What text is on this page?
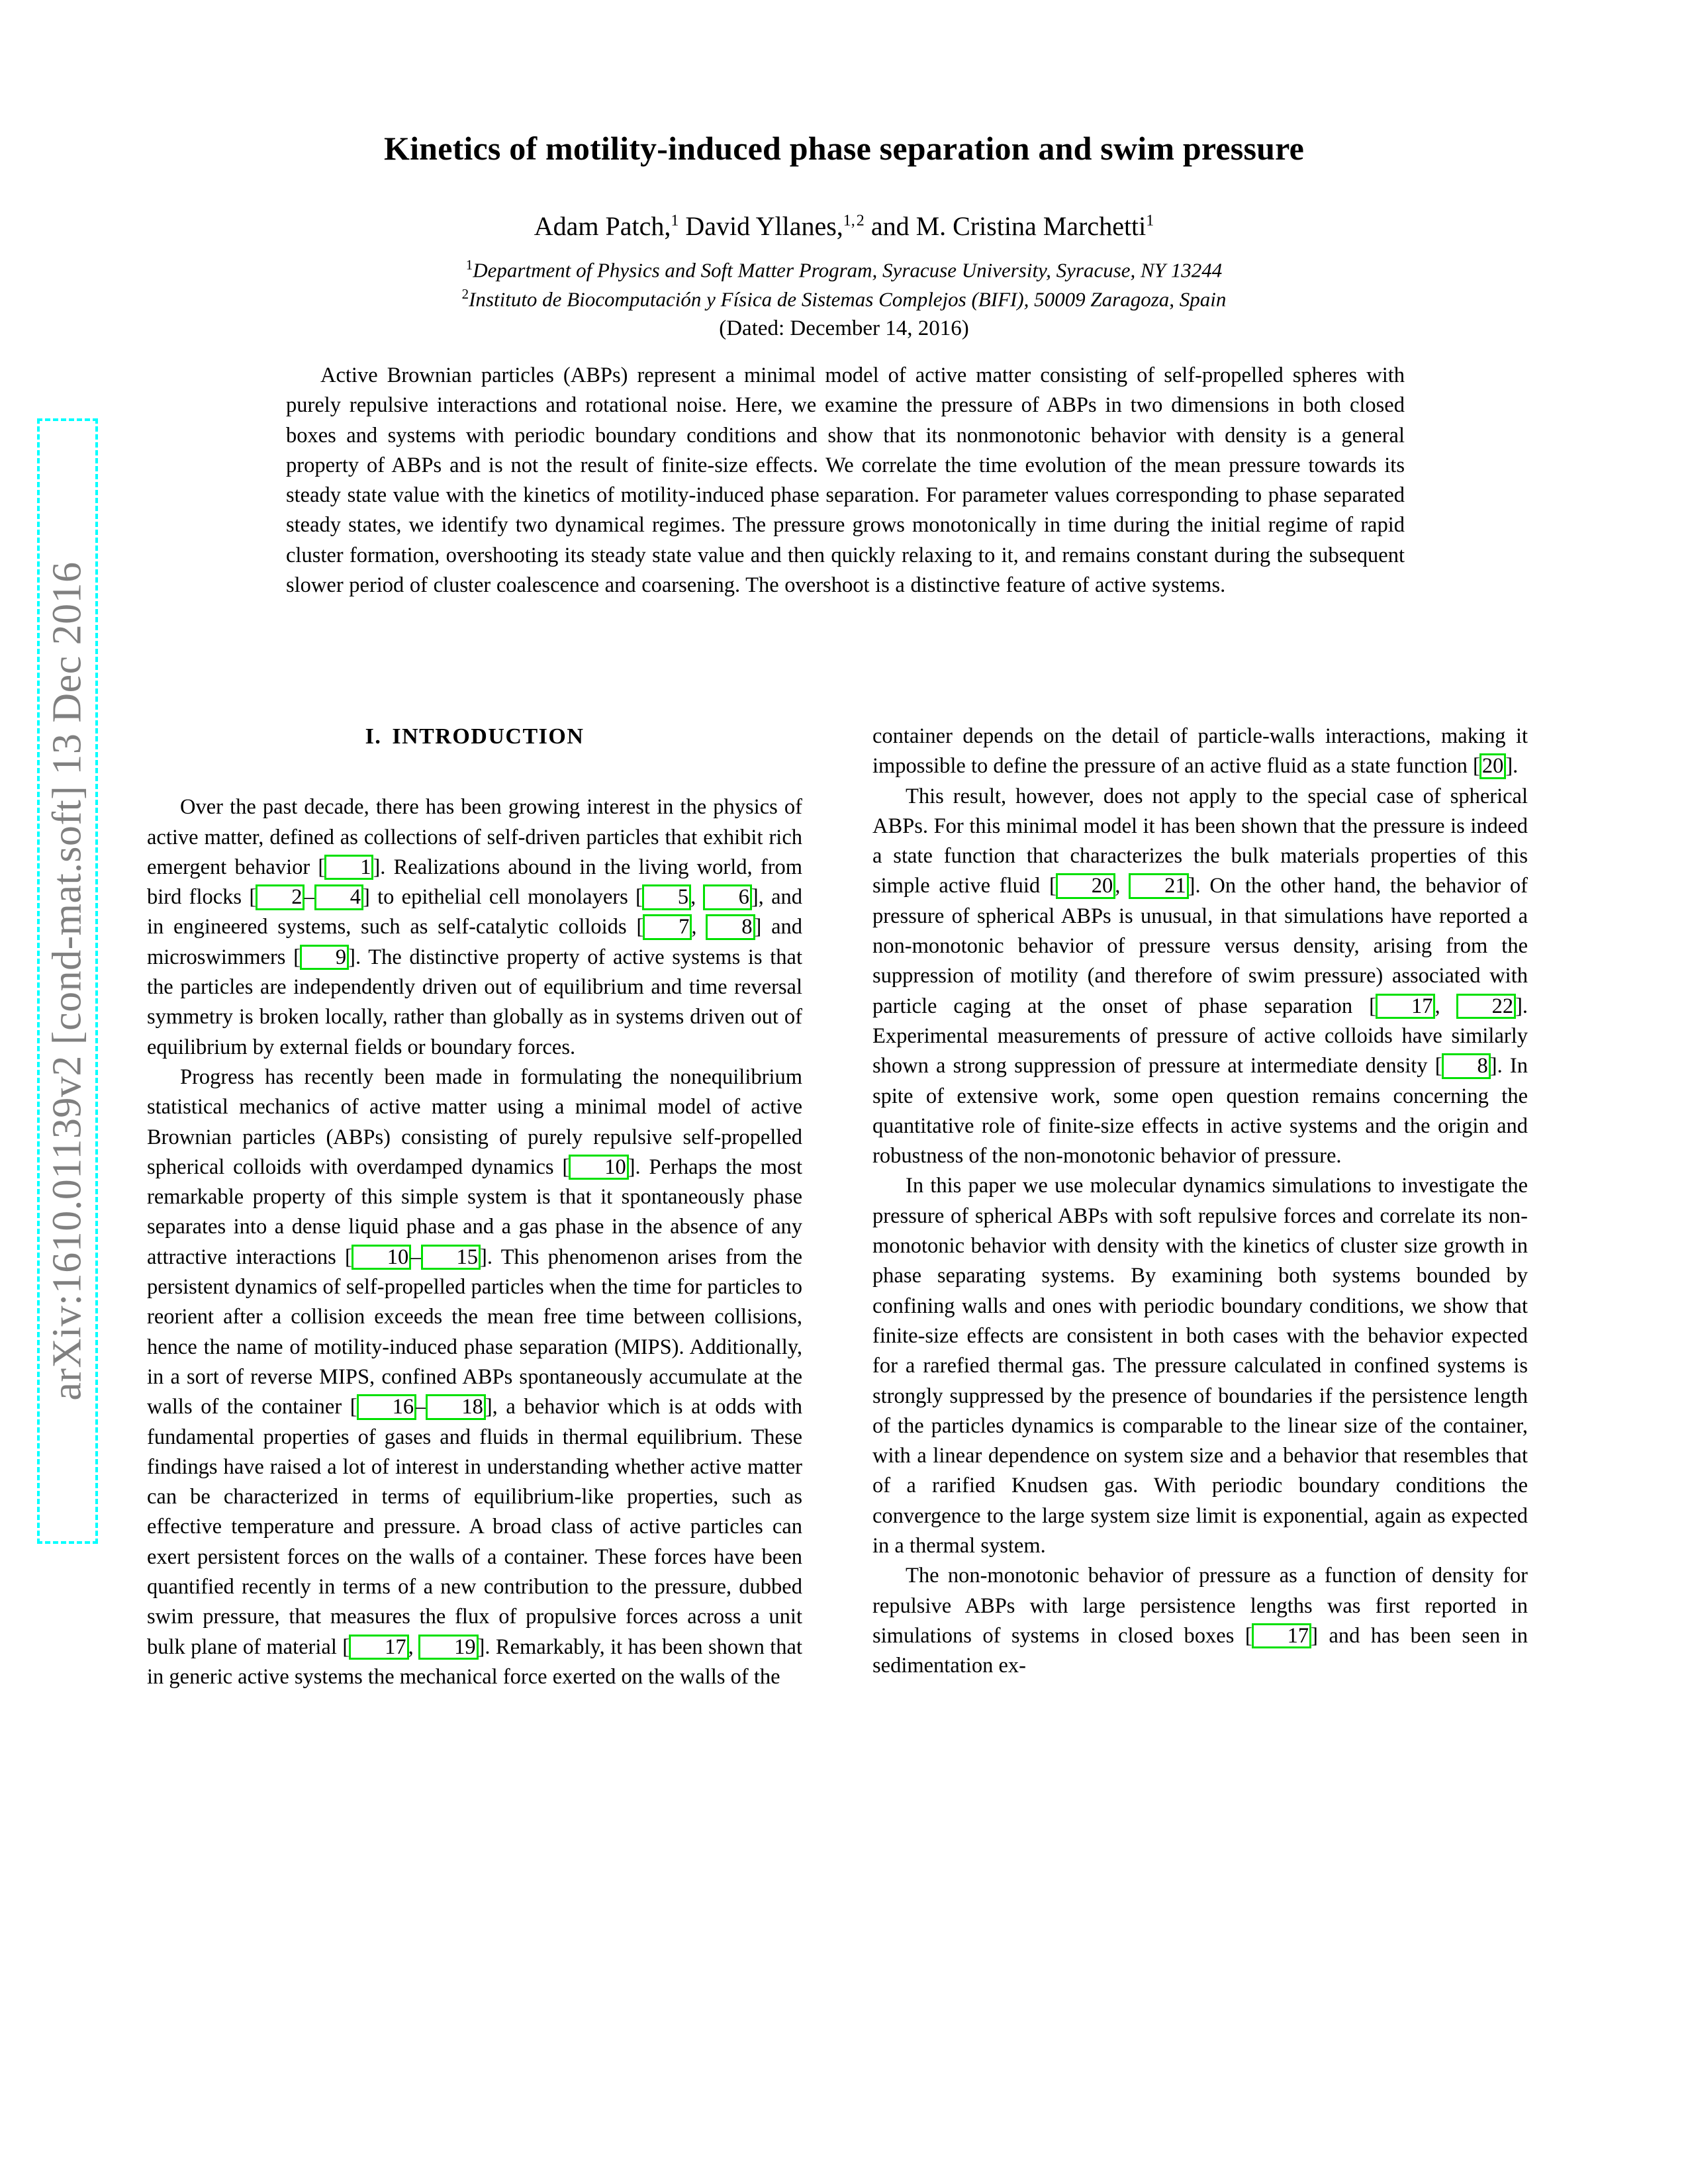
arXiv:1610.01139v2 [cond-mat.soft] 13 Dec 2016
Kinetics of motility-induced phase separation and swim pressure
Adam Patch,$^1$ David Yllanes,$^{1, 2}$ and M. Cristina Marchetti$^1$
$^1$Department of Physics and Soft Matter Program, Syracuse University, Syracuse, NY 13244
$^2$Instituto de Biocomputación y Física de Sistemas Complejos (BIFI), 50009 Zaragoza, Spain
(Dated: December 14, 2016)
Active Brownian particles (ABPs) represent a minimal model of active matter consisting of self-propelled spheres with purely repulsive interactions and rotational noise. Here, we examine the pressure of ABPs in two dimensions in both closed boxes and systems with periodic boundary conditions and show that its nonmonotonic behavior with density is a general property of ABPs and is not the result of finite-size effects. We correlate the time evolution of the mean pressure towards its steady state value with the kinetics of motility-induced phase separation. For parameter values corresponding to phase separated steady states, we identify two dynamical regimes. The pressure grows monotonically in time during the initial regime of rapid cluster formation, overshooting its steady state value and then quickly relaxing to it, and remains constant during the subsequent slower period of cluster coalescence and coarsening. The overshoot is a distinctive feature of active systems.
I. INTRODUCTION

Over the past decade, there has been growing interest in the physics of active matter, defined as collections of self-driven particles that exhibit rich emergent behavior [ 1]. Realizations abound in the living world, from bird flocks [ 2– 4] to epithelial cell monolayers [ 5, 6], and in engineered systems, such as self-catalytic colloids [ 7, 8] and microswimmers [ 9]. The distinctive property of active systems is that the particles are independently driven out of equilibrium and time reversal symmetry is broken locally, rather than globally as in systems driven out of equilibrium by external fields or boundary forces.

Progress has recently been made in formulating the nonequilibrium statistical mechanics of active matter using a minimal model of active Brownian particles (ABPs) consisting of purely repulsive self-propelled spherical colloids with overdamped dynamics [ 10]. Perhaps the most remarkable property of this simple system is that it spontaneously phase separates into a dense liquid phase and a gas phase in the absence of any attractive interactions [ 10– 15]. This phenomenon arises from the persistent dynamics of self-propelled particles when the time for particles to reorient after a collision exceeds the mean free time between collisions, hence the name of motility-induced phase separation (MIPS). Additionally, in a sort of reverse MIPS, confined ABPs spontaneously accumulate at the walls of the container [ 16– 18], a behavior which is at odds with fundamental properties of gases and fluids in thermal equilibrium. These findings have raised a lot of interest in understanding whether active matter can be characterized in terms of equilibrium-like properties, such as effective temperature and pressure. A broad class of active particles can exert persistent forces on the walls of a container. These forces have been quantified recently in terms of a new contribution to the pressure, dubbed swim pressure, that measures the flux of propulsive forces across a unit bulk plane of material [ 17, 19]. Remarkably, it has been shown that in generic active systems the mechanical force exerted on the walls of the

container depends on the detail of particle-walls interactions, making it impossible to define the pressure of an active fluid as a state function [20].

This result, however, does not apply to the special case of spherical ABPs. For this minimal model it has been shown that the pressure is indeed a state function that characterizes the bulk materials properties of this simple active fluid [ 20, 21]. On the other hand, the behavior of pressure of spherical ABPs is unusual, in that simulations have reported a non-monotonic behavior of pressure versus density, arising from the suppression of motility (and therefore of swim pressure) associated with particle caging at the onset of phase separation [ 17, 22]. Experimental measurements of pressure of active colloids have similarly shown a strong suppression of pressure at intermediate density [ 8]. In spite of extensive work, some open question remains concerning the quantitative role of finite-size effects in active systems and the origin and robustness of the non-monotonic behavior of pressure.

In this paper we use molecular dynamics simulations to investigate the pressure of spherical ABPs with soft repulsive forces and correlate its non-monotonic behavior with density with the kinetics of cluster size growth in phase separating systems. By examining both systems bounded by confining walls and ones with periodic boundary conditions, we show that finite-size effects are consistent in both cases with the behavior expected for a rarefied thermal gas. The pressure calculated in confined systems is strongly suppressed by the presence of boundaries if the persistence length of the particles dynamics is comparable to the linear size of the container, with a linear dependence on system size and a behavior that resembles that of a rarified Knudsen gas. With periodic boundary conditions the convergence to the large system size limit is exponential, again as expected in a thermal system.

The non-monotonic behavior of pressure as a function of density for repulsive ABPs with large persistence lengths was first reported in simulations of systems in closed boxes [ 17] and has been seen in sedimentation ex-
